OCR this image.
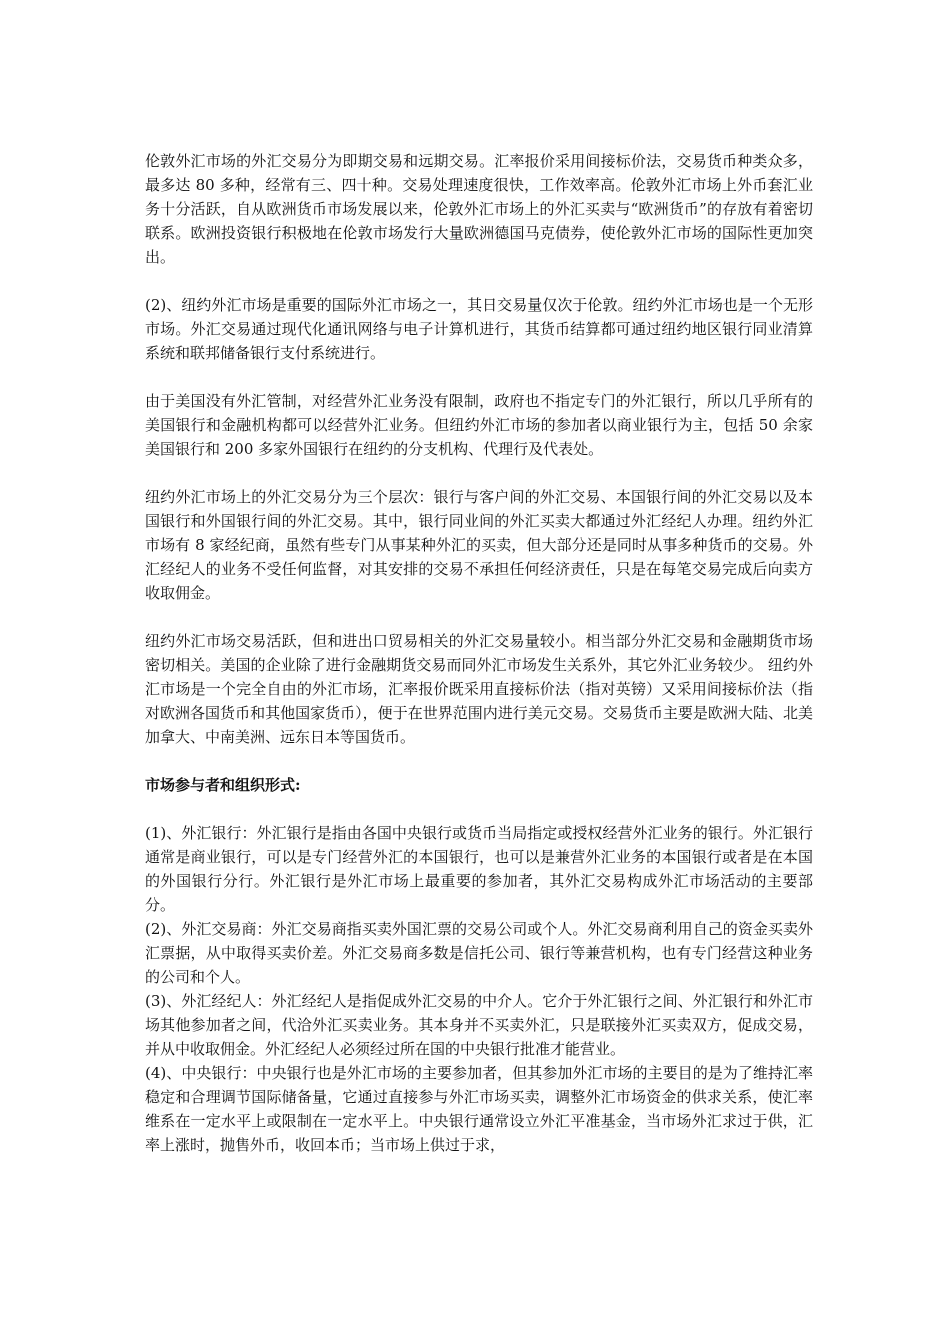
伦敦外汇市场的外汇交易分为即期交易和远期交易。汇率报价采用间接标价法，交易货币种类众多，最多达 80 多种，经常有三、四十种。交易处理速度很快，工作效率高。伦敦外汇市场上外币套汇业务十分活跃，自从欧洲货币市场发展以来，伦敦外汇市场上的外汇买卖与“欧洲货币”的存放有着密切联系。欧洲投资银行积极地在伦敦市场发行大量欧洲德国马克债券，使伦敦外汇市场的国际性更加突出。

(2)、纽约外汇市场是重要的国际外汇市场之一，其日交易量仅次于伦敦。纽约外汇市场也是一个无形市场。外汇交易通过现代化通讯网络与电子计算机进行，其货币结算都可通过纽约地区银行同业清算系统和联邦储备银行支付系统进行。

由于美国没有外汇管制，对经营外汇业务没有限制，政府也不指定专门的外汇银行，所以几乎所有的美国银行和金融机构都可以经营外汇业务。但纽约外汇市场的参加者以商业银行为主，包括 50 余家美国银行和 200 多家外国银行在纽约的分支机构、代理行及代表处。

纽约外汇市场上的外汇交易分为三个层次：银行与客户间的外汇交易、本国银行间的外汇交易以及本国银行和外国银行间的外汇交易。其中，银行同业间的外汇买卖大都通过外汇经纪人办理。纽约外汇市场有 8 家经纪商，虽然有些专门从事某种外汇的买卖，但大部分还是同时从事多种货币的交易。外汇经纪人的业务不受任何监督，对其安排的交易不承担任何经济责任，只是在每笔交易完成后向卖方收取佣金。

纽约外汇市场交易活跃，但和进出口贸易相关的外汇交易量较小。相当部分外汇交易和金融期货市场密切相关。美国的企业除了进行金融期货交易而同外汇市场发生关系外，其它外汇业务较少。 纽约外汇市场是一个完全自由的外汇市场，汇率报价既采用直接标价法（指对英镑）又采用间接标价法（指对欧洲各国货币和其他国家货币），便于在世界范围内进行美元交易。交易货币主要是欧洲大陆、北美加拿大、中南美洲、远东日本等国货币。

市场参与者和组织形式:

(1)、外汇银行：外汇银行是指由各国中央银行或货币当局指定或授权经营外汇业务的银行。外汇银行通常是商业银行，可以是专门经营外汇的本国银行，也可以是兼营外汇业务的本国银行或者是在本国的外国银行分行。外汇银行是外汇市场上最重要的参加者，其外汇交易构成外汇市场活动的主要部分。

(2)、外汇交易商：外汇交易商指买卖外国汇票的交易公司或个人。外汇交易商利用自己的资金买卖外汇票据，从中取得买卖价差。外汇交易商多数是信托公司、银行等兼营机构，也有专门经营这种业务的公司和个人。

(3)、外汇经纪人：外汇经纪人是指促成外汇交易的中介人。它介于外汇银行之间、外汇银行和外汇市场其他参加者之间，代洽外汇买卖业务。其本身并不买卖外汇，只是联接外汇买卖双方，促成交易，并从中收取佣金。外汇经纪人必须经过所在国的中央银行批准才能营业。

(4)、中央银行：中央银行也是外汇市场的主要参加者，但其参加外汇市场的主要目的是为了维持汇率稳定和合理调节国际储备量，它通过直接参与外汇市场买卖，调整外汇市场资金的供求关系，使汇率维系在一定水平上或限制在一定水平上。中央银行通常设立外汇平准基金，当市场外汇求过于供，汇率上涨时，抛售外币，收回本币；当市场上供过于求，
